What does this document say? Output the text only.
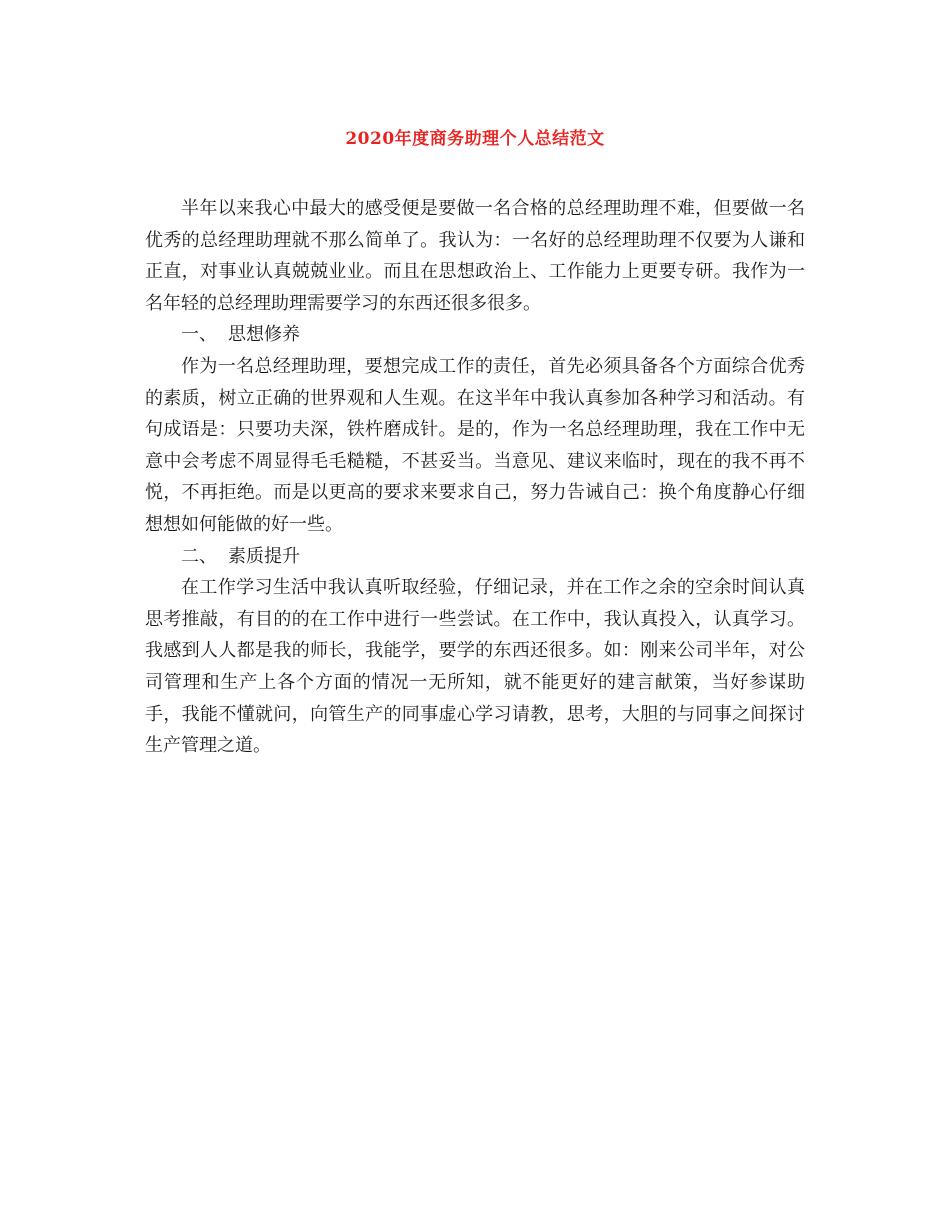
2020年度商务助理个人总结范文

半年以来我心中最大的感受便是要做一名合格的总经理助理不难，但要做一名优秀的总经理助理就不那么简单了。我认为：一名好的总经理助理不仅要为人谦和正直，对事业认真兢兢业业。而且在思想政治上、工作能力上更要专研。我作为一名年轻的总经理助理需要学习的东西还很多很多。

一、 思想修养

作为一名总经理助理，要想完成工作的责任，首先必须具备各个方面综合优秀的素质，树立正确的世界观和人生观。在这半年中我认真参加各种学习和活动。有句成语是：只要功夫深，铁杵磨成针。是的，作为一名总经理助理，我在工作中无意中会考虑不周显得毛毛糙糙，不甚妥当。当意见、建议来临时，现在的我不再不悦，不再拒绝。而是以更高的要求来要求自己，努力告诫自己：换个角度静心仔细想想如何能做的好一些。

二、 素质提升

在工作学习生活中我认真听取经验，仔细记录，并在工作之余的空余时间认真思考推敲，有目的的在工作中进行一些尝试。在工作中，我认真投入，认真学习。我感到人人都是我的师长，我能学，要学的东西还很多。如：刚来公司半年，对公司管理和生产上各个方面的情况一无所知，就不能更好的建言献策，当好参谋助手，我能不懂就问，向管生产的同事虚心学习请教，思考，大胆的与同事之间探讨生产管理之道。
